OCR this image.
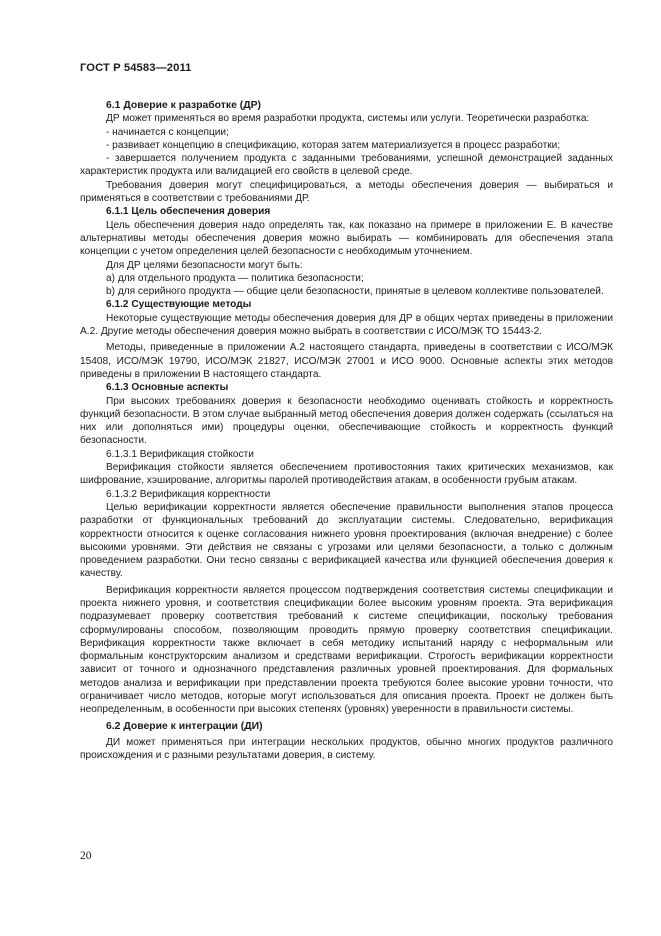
ГОСТ Р 54583—2011
6.1 Доверие к разработке (ДР)
ДР может применяться во время разработки продукта, системы или услуги. Теоретически разработка:
- начинается с концепции;
- развивает концепцию в спецификацию, которая затем материализуется в процесс разработки;
- завершается получением продукта с заданными требованиями, успешной демонстрацией заданных характеристик продукта или валидацией его свойств в целевой среде.
Требования доверия могут специфицироваться, а методы обеспечения доверия — выбираться и применяться в соответствии с требованиями ДР.
6.1.1 Цель обеспечения доверия
Цель обеспечения доверия надо определять так, как показано на примере в приложении Е. В качестве альтернативы методы обеспечения доверия можно выбирать — комбинировать для обеспечения этапа концепции с учетом определения целей безопасности с необходимым уточнением.
Для ДР целями безопасности могут быть:
a) для отдельного продукта — политика безопасности;
b) для серийного продукта — общие цели безопасности, принятые в целевом коллективе пользователей.
6.1.2 Существующие методы
Некоторые существующие методы обеспечения доверия для ДР в общих чертах приведены в приложении А.2. Другие методы обеспечения доверия можно выбрать в соответствии с ИСО/МЭК ТО 15443-2.
Методы, приведенные в приложении А.2 настоящего стандарта, приведены в соответствии с ИСО/МЭК 15408, ИСО/МЭК 19790, ИСО/МЭК 21827, ИСО/МЭК 27001 и ИСО 9000. Основные аспекты этих методов приведены в приложении В настоящего стандарта.
6.1.3 Основные аспекты
При высоких требованиях доверия к безопасности необходимо оценивать стойкость и корректность функций безопасности. В этом случае выбранный метод обеспечения доверия должен содержать (ссылаться на них или дополняться ими) процедуры оценки, обеспечивающие стойкость и корректность функций безопасности.
6.1.3.1 Верификация стойкости
Верификация стойкости является обеспечением противостояния таких критических механизмов, как шифрование, хэширование, алгоритмы паролей противодействия атакам, в особенности грубым атакам.
6.1.3.2 Верификация корректности
Целью верификации корректности является обеспечение правильности выполнения этапов процесса разработки от функциональных требований до эксплуатации системы. Следовательно, верификация корректности относится к оценке согласования нижнего уровня проектирования (включая внедрение) с более высокими уровнями. Эти действия не связаны с угрозами или целями безопасности, а только с должным проведением разработки. Они тесно связаны с верификацией качества или функцией обеспечения доверия к качеству.
Верификация корректности является процессом подтверждения соответствия системы спецификации и проекта нижнего уровня, и соответствия спецификации более высоким уровням проекта. Эта верификация подразумевает проверку соответствия требований к системе спецификации, поскольку требования сформулированы способом, позволяющим проводить прямую проверку соответствия спецификации. Верификация корректности также включает в себя методику испытаний наряду с неформальным или формальным конструкторским анализом и средствами верификации. Строгость верификации корректности зависит от точного и однозначного представления различных уровней проектирования. Для формальных методов анализа и верификации при представлении проекта требуются более высокие уровни точности, что ограничивает число методов, которые могут использоваться для описания проекта. Проект не должен быть неопределенным, в особенности при высоких степенях (уровнях) уверенности в правильности системы.
6.2 Доверие к интеграции (ДИ)
ДИ может применяться при интеграции нескольких продуктов, обычно многих продуктов различного происхождения и с разными результатами доверия, в систему.
20
